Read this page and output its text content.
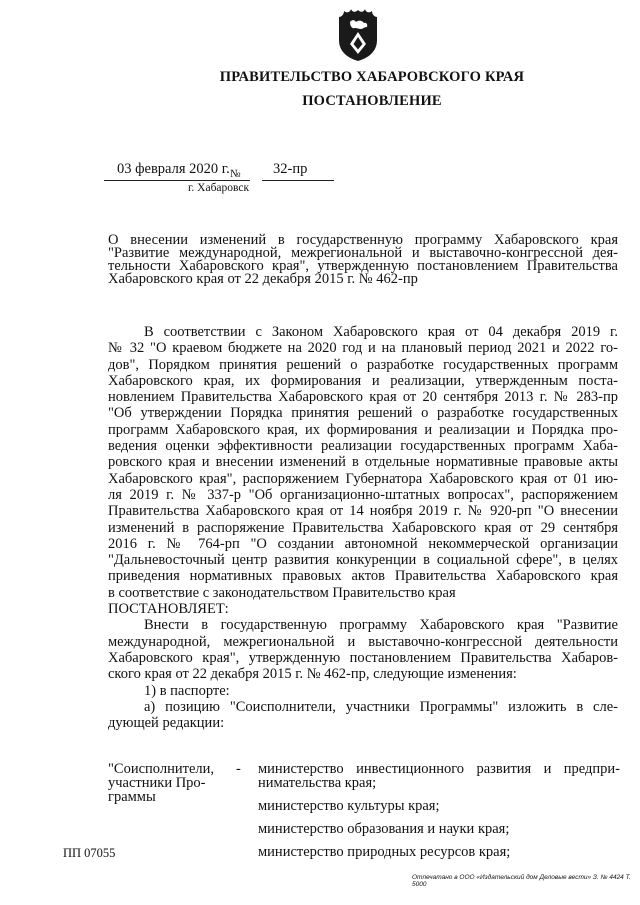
ПРАВИТЕЛЬСТВО ХАБАРОВСКОГО КРАЯ
ПОСТАНОВЛЕНИЕ
03 февраля 2020 г. № 32-пр
г. Хабаровск
О внесении изменений в государственную программу Хабаровского края
"Развитие международной, межрегиональной и выставочно-конгрессной дея-
тельности Хабаровского края", утвержденную постановлением Правительства
Хабаровского края от 22 декабря 2015 г. № 462-пр
В соответствии с Законом Хабаровского края от 04 декабря 2019 г.
№ 32 "О краевом бюджете на 2020 год и на плановый период 2021 и 2022 го-
дов", Порядком принятия решений о разработке государственных программ
Хабаровского края, их формирования и реализации, утвержденным поста-
новлением Правительства Хабаровского края от 20 сентября 2013 г. № 283-пр
"Об утверждении Порядка принятия решений о разработке государственных
программ Хабаровского края, их формирования и реализации и Порядка про-
ведения оценки эффективности реализации государственных программ Хаба-
ровского края и внесении изменений в отдельные нормативные правовые акты
Хабаровского края", распоряжением Губернатора Хабаровского края от 01 ию-
ля 2019 г. № 337-р "Об организационно-штатных вопросах", распоряжением
Правительства Хабаровского края от 14 ноября 2019 г. № 920-рп "О внесении
изменений в распоряжение Правительства Хабаровского края от 29 сентября
2016 г. № 764-рп "О создании автономной некоммерческой организации
"Дальневосточный центр развития конкуренции в социальной сфере", в целях
приведения нормативных правовых актов Правительства Хабаровского края
в соответствие с законодательством Правительство края
ПОСТАНОВЛЯЕТ:
Внести в государственную программу Хабаровского края "Развитие
международной, межрегиональной и выставочно-конгрессной деятельности
Хабаровского края", утвержденную постановлением Правительства Хабаров-
ского края от 22 декабря 2015 г. № 462-пр, следующие изменения:
1) в паспорте:
а) позицию "Соисполнители, участники Программы" изложить в сле-
дующей редакции:
"Соисполнители,
участники Про-
граммы
- министерство инвестиционного развития и предпри-
нимательства края;
министерство культуры края;
министерство образования и науки края;
министерство природных ресурсов края;
ПП 07055
Отпечатано в ООО «Издательский дом Деловые вести» З. № 4424 Т. 5000
